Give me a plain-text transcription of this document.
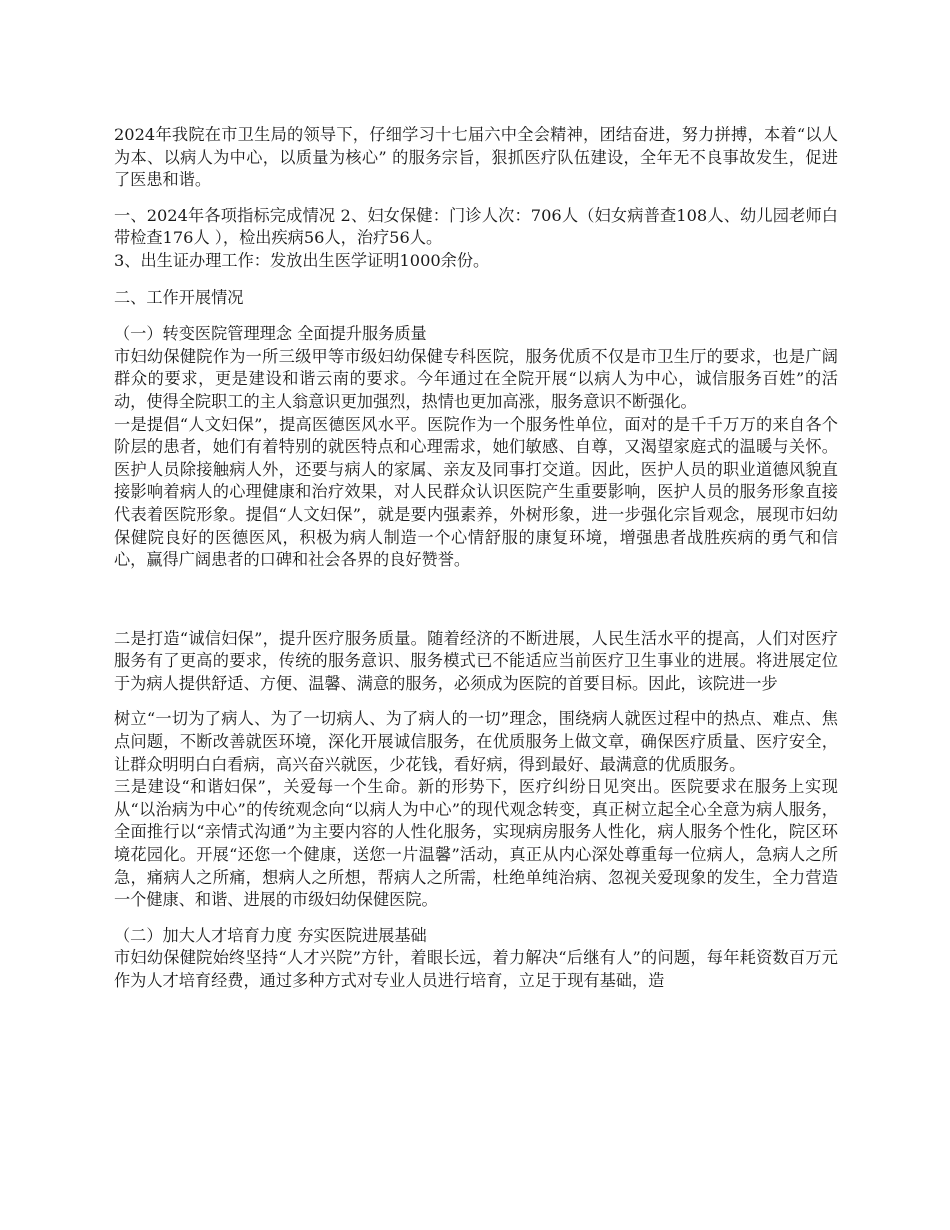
2024年我院在市卫生局的领导下，仔细学习十七届六中全会精神，团结奋进，努力拼搏，本着“以人为本、以病人为中心，以质量为核心” 的服务宗旨，狠抓医疗队伍建设，全年无不良事故发生，促进了医患和谐。

一、2024年各项指标完成情况 2、妇女保健：门诊人次：706人（妇女病普查108人、幼儿园老师白带检查176人 ），检出疾病56人，治疗56人。

3、出生证办理工作：发放出生医学证明1000余份。

二、工作开展情况

（一）转变医院管理理念 全面提升服务质量

市妇幼保健院作为一所三级甲等市级妇幼保健专科医院，服务优质不仅是市卫生厅的要求，也是广阔群众的要求，更是建设和谐云南的要求。今年通过在全院开展“以病人为中心，诚信服务百姓”的活动，使得全院职工的主人翁意识更加强烈，热情也更加高涨，服务意识不断强化。

一是提倡“人文妇保”，提高医德医风水平。医院作为一个服务性单位，面对的是千千万万的来自各个阶层的患者，她们有着特别的就医特点和心理需求，她们敏感、自尊，又渴望家庭式的温暖与关怀。医护人员除接触病人外，还要与病人的家属、亲友及同事打交道。因此，医护人员的职业道德风貌直接影响着病人的心理健康和治疗效果，对人民群众认识医院产生重要影响，医护人员的服务形象直接代表着医院形象。提倡“人文妇保”，就是要内强素养，外树形象，进一步强化宗旨观念，展现市妇幼保健院良好的医德医风，积极为病人制造一个心情舒服的康复环境，增强患者战胜疾病的勇气和信心，赢得广阔患者的口碑和社会各界的良好赞誉。

二是打造“诚信妇保”，提升医疗服务质量。随着经济的不断进展，人民生活水平的提高，人们对医疗服务有了更高的要求，传统的服务意识、服务模式已不能适应当前医疗卫生事业的进展。将进展定位于为病人提供舒适、方便、温馨、满意的服务，必须成为医院的首要目标。因此，该院进一步

树立“一切为了病人、为了一切病人、为了病人的一切”理念，围绕病人就医过程中的热点、难点、焦点问题，不断改善就医环境，深化开展诚信服务，在优质服务上做文章，确保医疗质量、医疗安全，让群众明明白白看病，高兴奋兴就医，少花钱，看好病，得到最好、最满意的优质服务。

三是建设“和谐妇保”，关爱每一个生命。新的形势下，医疗纠纷日见突出。医院要求在服务上实现从“以治病为中心”的传统观念向“以病人为中心”的现代观念转变，真正树立起全心全意为病人服务，全面推行以“亲情式沟通”为主要内容的人性化服务，实现病房服务人性化，病人服务个性化，院区环境花园化。开展“还您一个健康，送您一片温馨”活动，真正从内心深处尊重每一位病人，急病人之所急，痛病人之所痛，想病人之所想，帮病人之所需，杜绝单纯治病、忽视关爱现象的发生，全力营造一个健康、和谐、进展的市级妇幼保健医院。

（二）加大人才培育力度 夯实医院进展基础

市妇幼保健院始终坚持“人才兴院”方针，着眼长远，着力解决“后继有人”的问题，每年耗资数百万元作为人才培育经费，通过多种方式对专业人员进行培育，立足于现有基础，造
